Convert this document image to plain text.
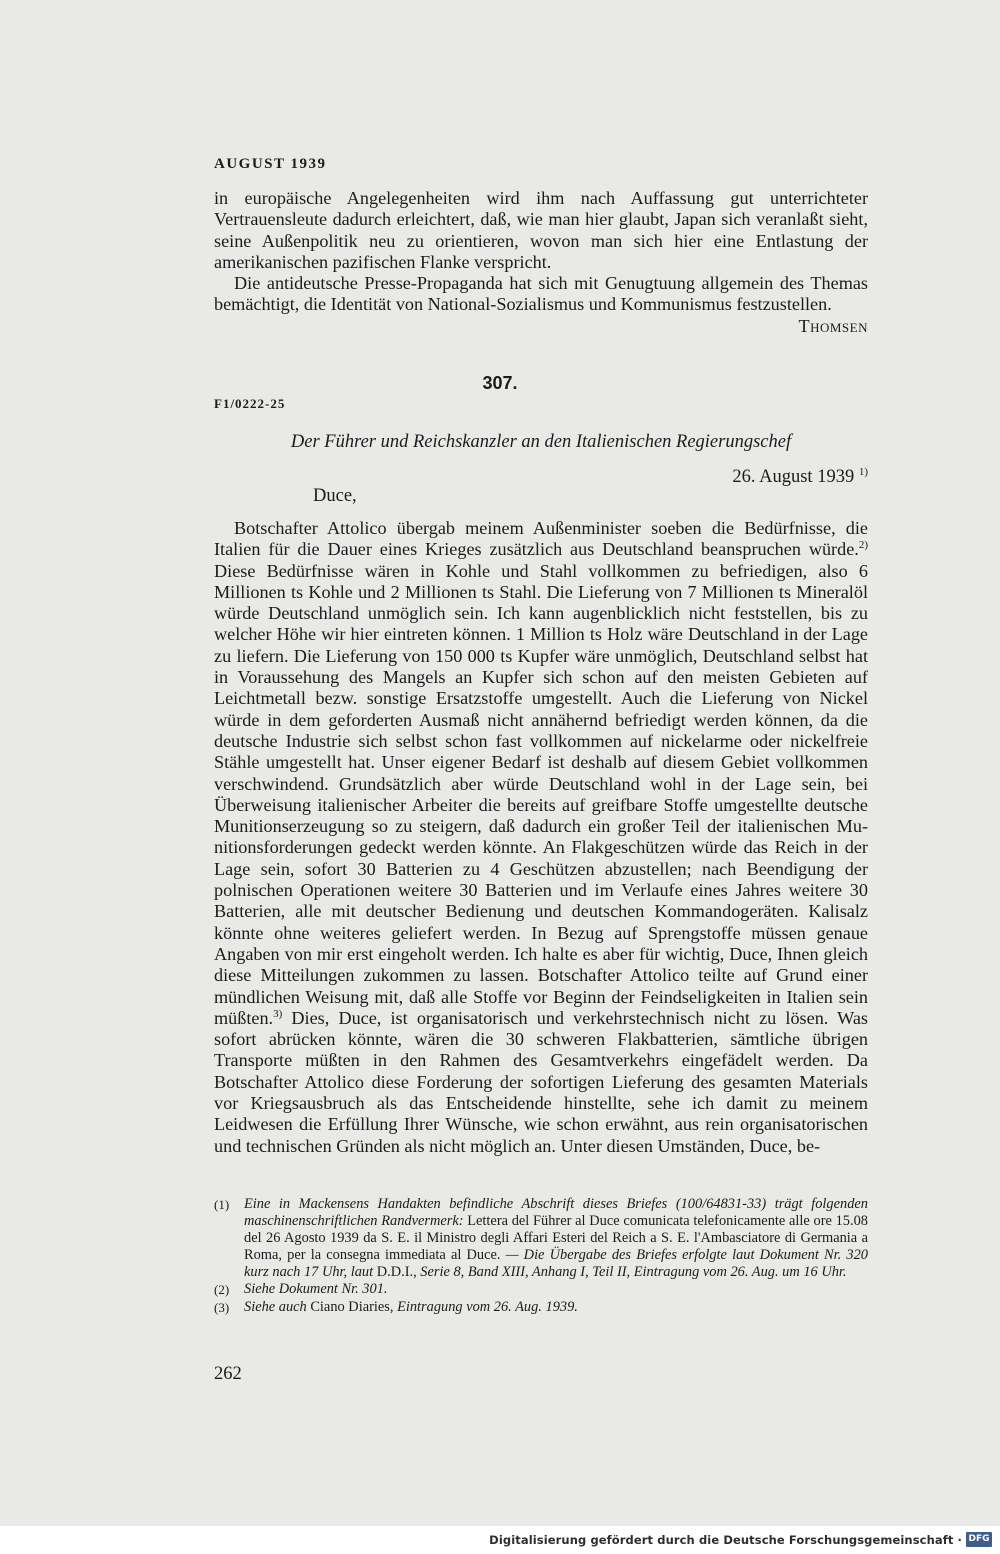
AUGUST 1939

in europäische Angelegenheiten wird ihm nach Auffassung gut unterrichteter Vertrauensleute dadurch erleichtert, daß, wie man hier glaubt, Japan sich veranlaßt sieht, seine Außenpolitik neu zu orientieren, wovon man sich hier eine Entlastung der amerikanischen pazifischen Flanke verspricht.

Die antideutsche Presse-Propaganda hat sich mit Genugtuung allgemein des Themas bemächtigt, die Identität von National-Sozialismus und Kommunismus festzustellen.

Thomsen

307.
F1/0222-25
Der Führer und Reichskanzler an den Italienischen Regierungschef
26. August 1939 $^{1)}$
Duce,

Botschafter Attolico übergab meinem Außenminister soeben die Bedürfnisse, die Italien für die Dauer eines Krieges zusätzlich aus Deutschland beanspruchen würde.$^{2)}$ Diese Bedürfnisse wären in Kohle und Stahl vollkommen zu befriedigen, also 6 Millionen ts Kohle und 2 Millionen ts Stahl. Die Lieferung von 7 Millionen ts Mineralöl würde Deutschland unmöglich sein. Ich kann augenblicklich nicht feststellen, bis zu welcher Höhe wir hier eintreten können. 1 Million ts Holz wäre Deutschland in der Lage zu liefern. Die Lieferung von 150 000 ts Kupfer wäre unmöglich, Deutschland selbst hat in Voraussehung des Mangels an Kupfer sich schon auf den meisten Gebieten auf Leichtmetall bezw. sonstige Ersatzstoffe umgestellt. Auch die Lieferung von Nickel würde in dem geforderten Ausmaß nicht annähernd befriedigt werden können, da die deutsche Industrie sich selbst schon fast vollkommen auf nickelarme oder nickelfreie Stähle umgestellt hat. Unser eigener Bedarf ist deshalb auf diesem Gebiet vollkommen verschwindend. Grundsätzlich aber würde Deutschland wohl in der Lage sein, bei Überweisung italienischer Arbeiter die bereits auf greifbare Stoffe umgestellte deutsche Munitionserzeugung so zu steigern, daß dadurch ein großer Teil der italienischen Munitionsforderungen gedeckt werden könnte. An Flakgeschützen würde das Reich in der Lage sein, sofort 30 Batterien zu 4 Geschützen abzustellen; nach Beendigung der polnischen Operationen weitere 30 Batterien und im Verlaufe eines Jahres weitere 30 Batterien, alle mit deutscher Bedienung und deutschen Kommandogeräten. Kalisalz könnte ohne weiteres geliefert werden. In Bezug auf Sprengstoffe müssen genaue Angaben von mir erst eingeholt werden. Ich halte es aber für wichtig, Duce, Ihnen gleich diese Mitteilungen zukommen zu lassen. Botschafter Attolico teilte auf Grund einer mündlichen Weisung mit, daß alle Stoffe vor Beginn der Feindseligkeiten in Italien sein müßten.$^{3)}$ Dies, Duce, ist organisatorisch und verkehrstechnisch nicht zu lösen. Was sofort abrücken könnte, wären die 30 schweren Flakbatterien, sämtliche übrigen Transporte müßten in den Rahmen des Gesamtverkehrs eingefädelt werden. Da Botschafter Attolico diese Forderung der sofortigen Lieferung des gesamten Materials vor Kriegsausbruch als das Entscheidende hinstellte, sehe ich damit zu meinem Leidwesen die Erfüllung Ihrer Wünsche, wie schon erwähnt, aus rein organisatorischen und technischen Gründen als nicht möglich an. Unter diesen Umständen, Duce, be-

(1)	Eine in Mackensens Handakten befindliche Abschrift dieses Briefes (100/64831-33) trägt folgenden maschinenschriftlichen Randvermerk: Lettera del Führer al Duce comunicata telefonicamente alle ore 15.08 del 26 Agosto 1939 da S. E. il Ministro degli Affari Esteri del Reich a S. E. l'Ambasciatore di Germania a Roma, per la consegna immediata al Duce. — Die Übergabe des Briefes erfolgte laut Dokument Nr. 320 kurz nach 17 Uhr, laut D.D.I., Serie 8, Band XIII, Anhang I, Teil II, Eintragung vom 26. Aug. um 16 Uhr.
(2)	Siehe Dokument Nr. 301.
(3)	Siehe auch Ciano Diaries, Eintragung vom 26. Aug. 1939.
262
Digitalisierung gefördert durch die Deutsche Forschungsgemeinschaft · DFG
